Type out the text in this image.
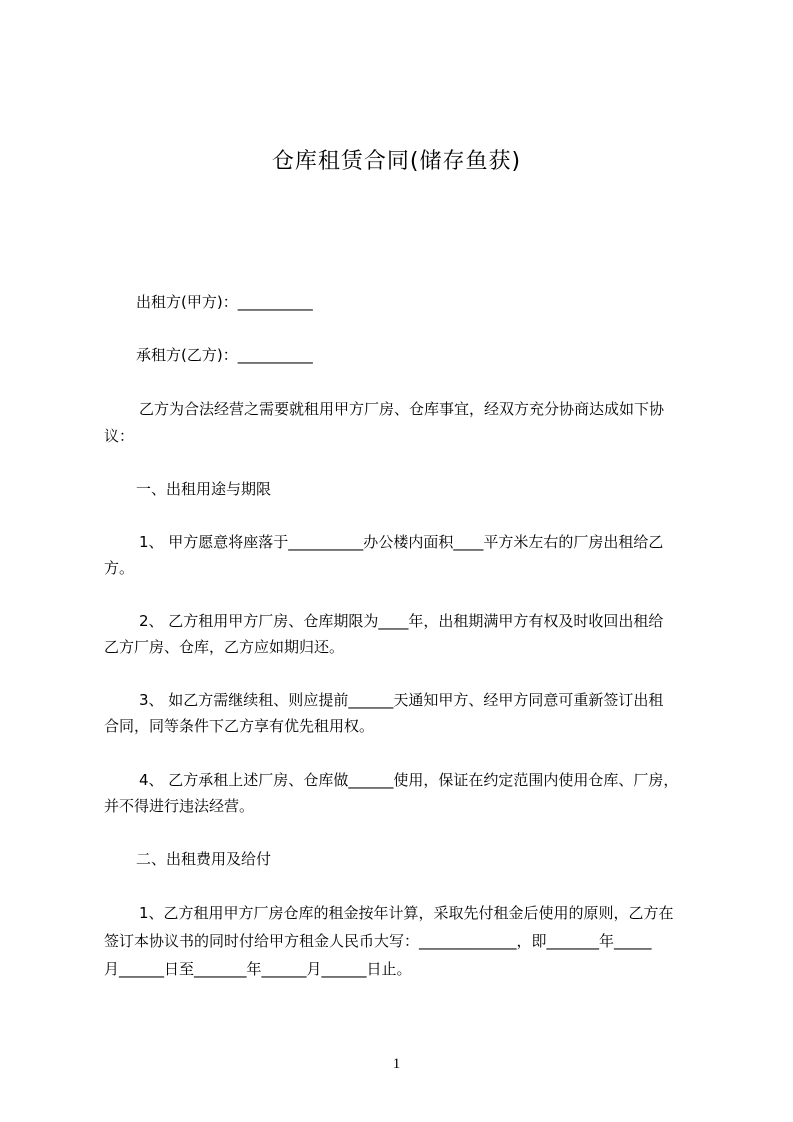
仓库租赁合同(储存鱼获)
出租方(甲方)：__________
承租方(乙方)：__________
乙方为合法经营之需要就租用甲方厂房、仓库事宜，经双方充分协商达成如下协
议：
一、出租用途与期限
1、 甲方愿意将座落于__________办公楼内面积____平方米左右的厂房出租给乙
方。
2、 乙方租用甲方厂房、仓库期限为____年，出租期满甲方有权及时收回出租给
乙方厂房、仓库，乙方应如期归还。
3、 如乙方需继续租、则应提前______天通知甲方、经甲方同意可重新签订出租
合同，同等条件下乙方享有优先租用权。
4、 乙方承租上述厂房、仓库做______使用，保证在约定范围内使用仓库、厂房，
并不得进行违法经营。
二、出租费用及给付
1、乙方租用甲方厂房仓库的租金按年计算，采取先付租金后使用的原则，乙方在
签订本协议书的同时付给甲方租金人民币大写：_____________，即_______年_____
月______日至_______年______月______日止。
1
